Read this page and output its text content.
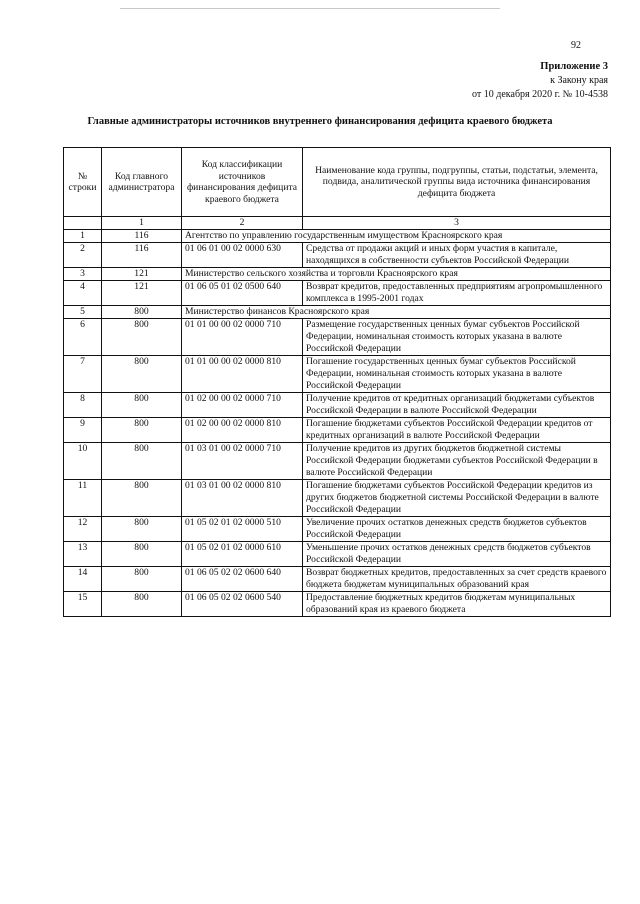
92
Приложение 3
к Закону края
от 10 декабря 2020 г. № 10-4538
Главные администраторы источников внутреннего финансирования дефицита краевого бюджета
№ строки	Код главного администратора	Код классификации источников финансирования дефицита краевого бюджета	Наименование кода группы, подгруппы, статьи, подстатьи, элемента, подвида, аналитической группы вида источника финансирования дефицита бюджета
	1	2	3
1	116	Агентство по управлению государственным имуществом Красноярского края	
2	116	01 06 01 00 02 0000 630	Средства от продажи акций и иных форм участия в капитале, находящихся в собственности субъектов Российской Федерации
3	121	Министерство сельского хозяйства и торговли Красноярского края	
4	121	01 06 05 01 02 0500 640	Возврат кредитов, предоставленных предприятиям агропромышленного комплекса в 1995-2001 годах
5	800	Министерство финансов Красноярского края	
6	800	01 01 00 00 02 0000 710	Размещение государственных ценных бумаг субъектов Российской Федерации, номинальная стоимость которых указана в валюте Российской Федерации
7	800	01 01 00 00 02 0000 810	Погашение государственных ценных бумаг субъектов Российской Федерации, номинальная стоимость которых указана в валюте Российской Федерации
8	800	01 02 00 00 02 0000 710	Получение кредитов от кредитных организаций бюджетами субъектов Российской Федерации в валюте Российской Федерации
9	800	01 02 00 00 02 0000 810	Погашение бюджетами субъектов Российской Федерации кредитов от кредитных организаций в валюте Российской Федерации
10	800	01 03 01 00 02 0000 710	Получение кредитов из других бюджетов бюджетной системы Российской Федерации бюджетами субъектов Российской Федерации в валюте Российской Федерации
11	800	01 03 01 00 02 0000 810	Погашение бюджетами субъектов Российской Федерации кредитов из других бюджетов бюджетной системы Российской Федерации в валюте Российской Федерации
12	800	01 05 02 01 02 0000 510	Увеличение прочих остатков денежных средств бюджетов субъектов Российской Федерации
13	800	01 05 02 01 02 0000 610	Уменьшение прочих остатков денежных средств бюджетов субъектов Российской Федерации
14	800	01 06 05 02 02 0600 640	Возврат бюджетных кредитов, предоставленных за счет средств краевого бюджета бюджетам муниципальных образований края
15	800	01 06 05 02 02 0600 540	Предоставление бюджетных кредитов бюджетам муниципальных образований края из краевого бюджета
